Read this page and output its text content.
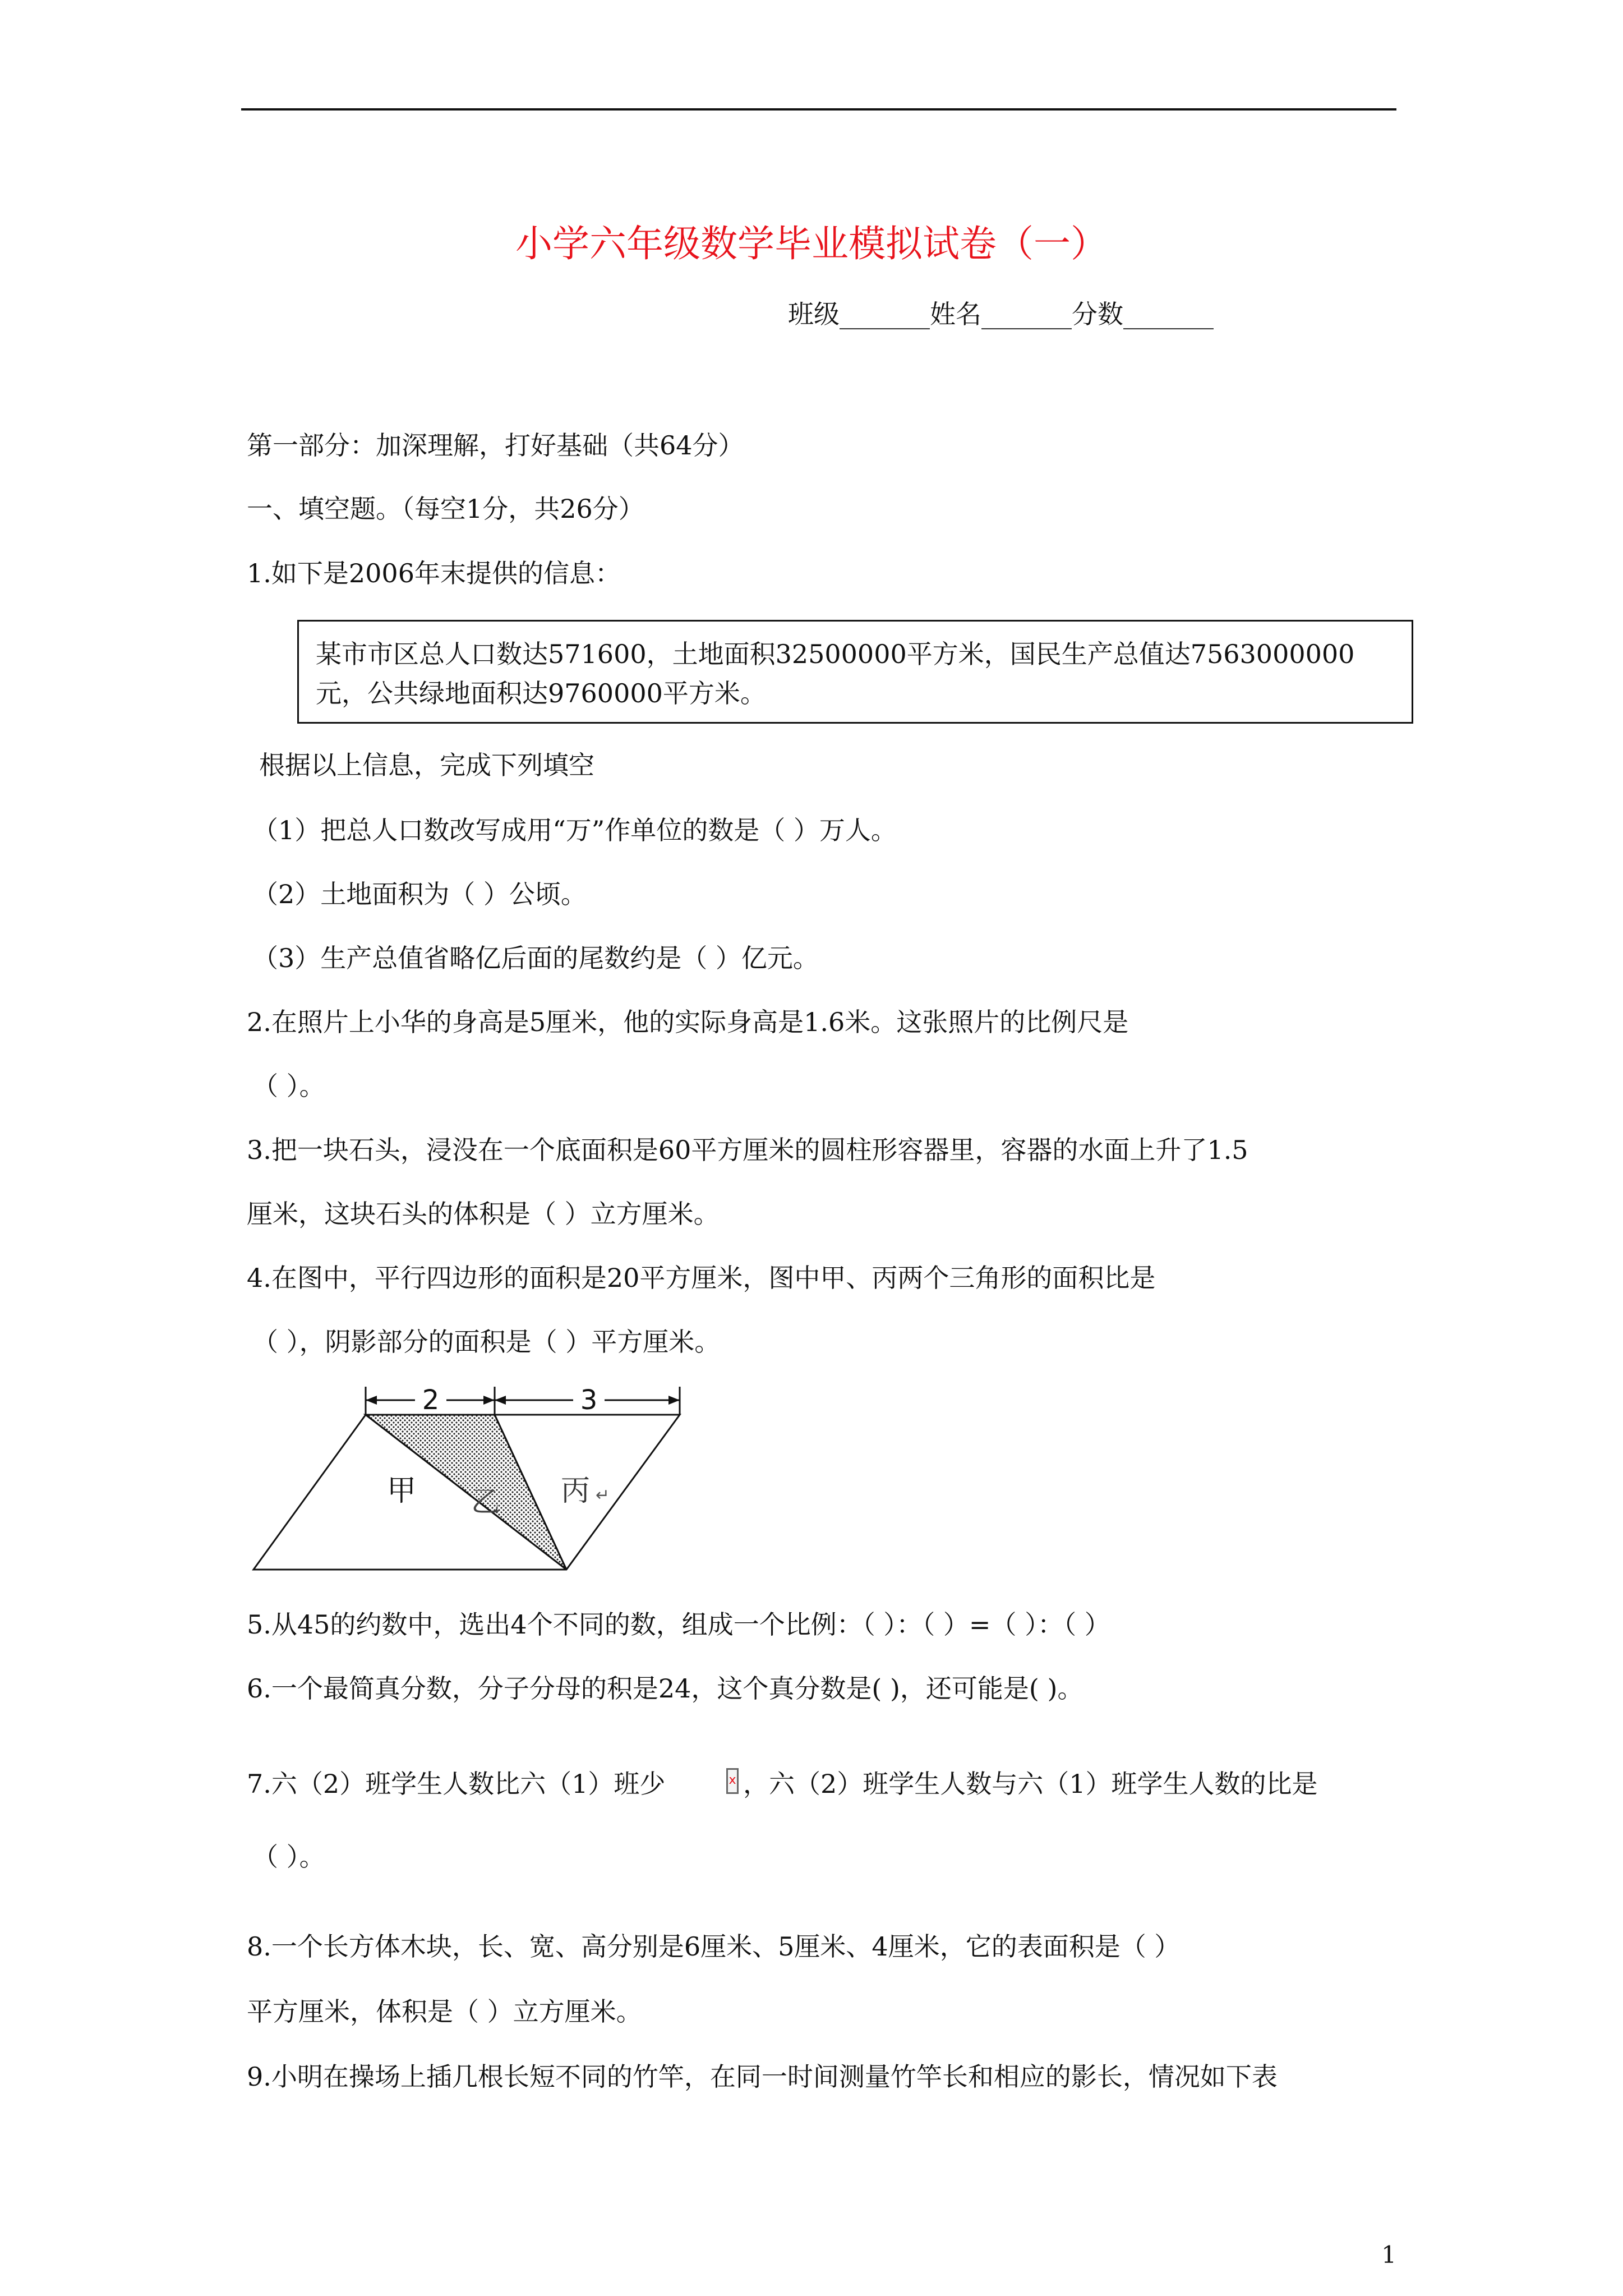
小学六年级数学毕业模拟试卷（一）
班级_______姓名_______分数_______
第一部分：加深理解，打好基础（共64分）
一、填空题。（每空1分，共26分）
1.如下是2006年末提供的信息：
某市市区总人口数达571600，土地面积32500000平方米，国民生产总值达7563000000
元，公共绿地面积达9760000平方米。
根据以上信息，完成下列填空
（1）把总人口数改写成用“万”作单位的数是（ ）万人。
（2）土地面积为（ ）公顷。
（3）生产总值省略亿后面的尾数约是（ ）亿元。
2.在照片上小华的身高是5厘米，他的实际身高是1.6米。这张照片的比例尺是
（ ）。
3.把一块石头，浸没在一个底面积是60平方厘米的圆柱形容器里，容器的水面上升了1.5
厘米，这块石头的体积是（ ）立方厘米。
4.在图中，平行四边形的面积是20平方厘米，图中甲、丙两个三角形的面积比是
（ ），阴影部分的面积是（ ）平方厘米。
2	3
甲 乙 丙 ↵
5.从45的约数中，选出4个不同的数，组成一个比例：（ ）：（ ）=（ ）：（ ）
6.一个最简真分数，分子分母的积是24，这个真分数是( )，还可能是( )。
7.六（2）班学生人数比六（1）班少	x ，六（2）班学生人数与六（1）班学生人数的比是
（ ）。
8.一个长方体木块，长、宽、高分别是6厘米、5厘米、4厘米，它的表面积是（ ）
平方厘米，体积是（ ）立方厘米。
9.小明在操场上插几根长短不同的竹竿，在同一时间测量竹竿长和相应的影长，情况如下表
1
